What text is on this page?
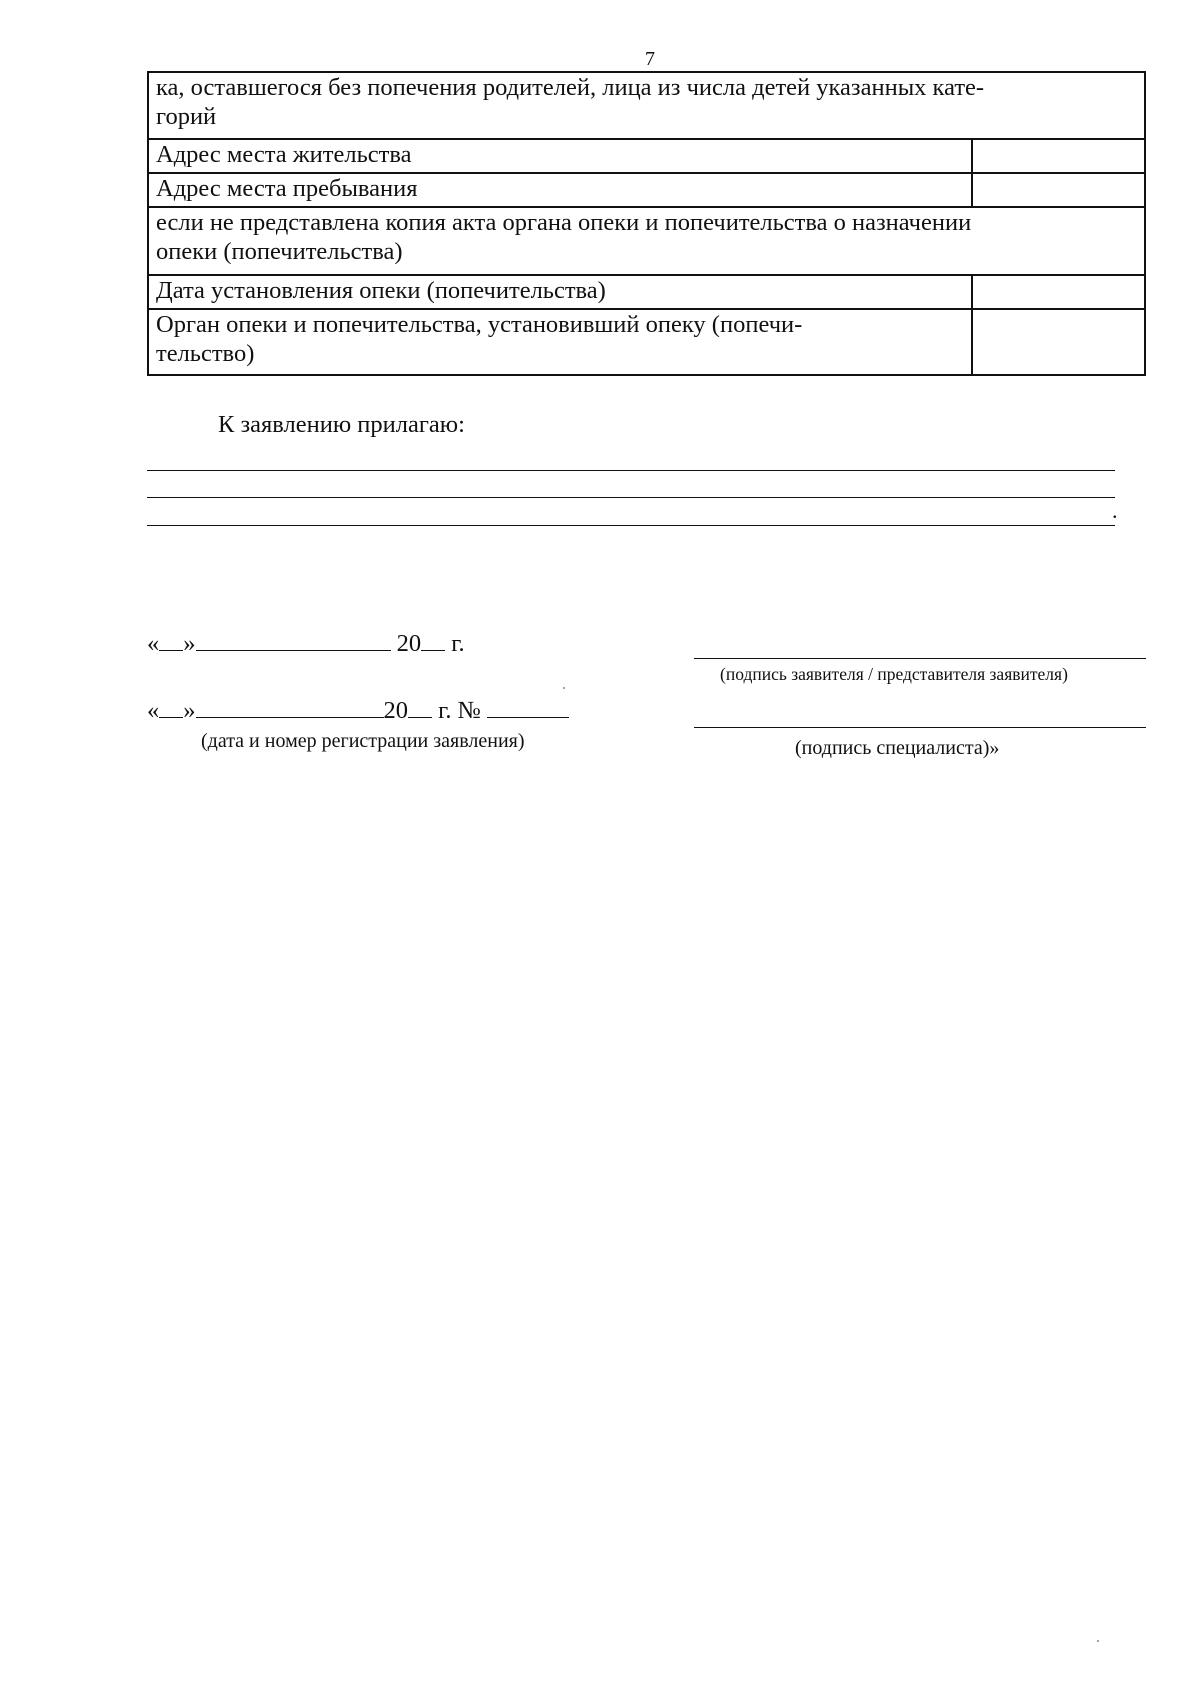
7
ка, оставшегося без попечения родителей, лица из числа детей указанных кате-
горий	
Адрес места жительства	
Адрес места пребывания	
если не представлена копия акта органа опеки и попечительства о назначении
опеки (попечительства)	
Дата установления опеки (попечительства)	
Орган опеки и попечительства, установивший опеку (попечи-
тельство)	
К заявлению прилагаю:
.
« »	20 г.
(подпись заявителя / представителя заявителя)
« »	20 г. №
(дата и номер регистрации заявления)	(подпись специалиста)»
